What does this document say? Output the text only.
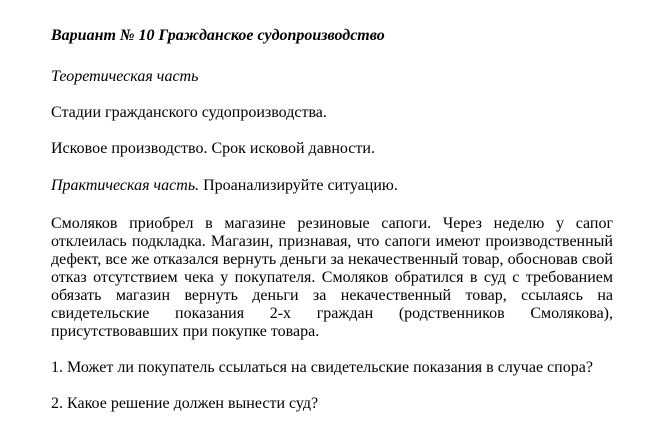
Вариант № 10 Гражданское судопроизводство

Теоретическая часть

Стадии гражданского судопроизводства.

Исковое производство. Срок исковой давности.

Практическая часть. Проанализируйте ситуацию.

Смоляков приобрел в магазине резиновые сапоги. Через неделю у сапог отклеилась подкладка. Магазин, признавая, что сапоги имеют производственный дефект, все же отказался вернуть деньги за некачественный товар, обосновав свой отказ отсутствием чека у покупателя. Смоляков обратился в суд с требованием обязать магазин вернуть деньги за некачественный товар, ссылаясь на свидетельские показания 2-х граждан (родственников Смолякова), присутствовавших при покупке товара.

1. Может ли покупатель ссылаться на свидетельские показания в случае спора?

2. Какое решение должен вынести суд?
